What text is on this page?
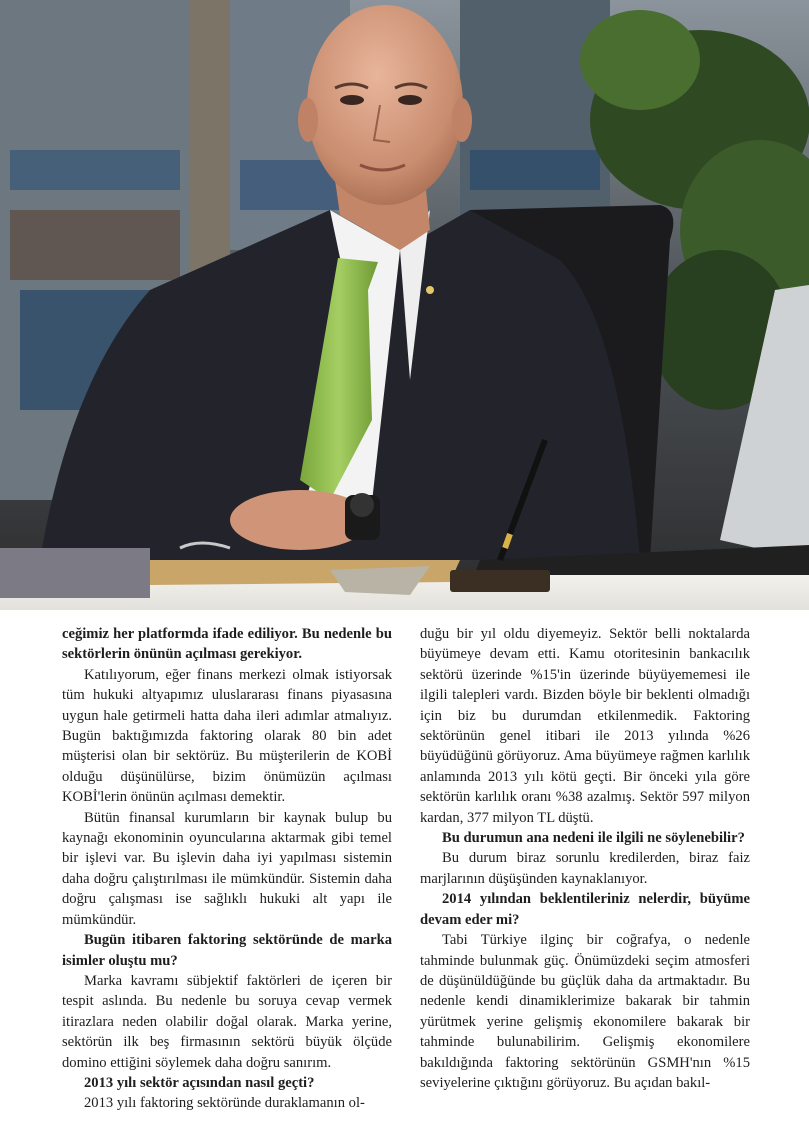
ceğimiz her platformda ifade ediliyor. Bu nedenle bu sektörlerin önünün açılması gerekiyor.

Katılıyorum, eğer finans merkezi olmak istiyorsak tüm hukuki altyapımız uluslararası finans piyasasına uygun hale getirmeli hatta daha ileri adımlar atmalıyız. Bugün baktığımızda faktoring olarak 80 bin adet müşterisi olan bir sektörüz. Bu müşterilerin de KOBİ olduğu düşünülürse, bizim önümüzün açılması KOBİ'lerin önünün açılması demektir.

Bütün finansal kurumların bir kaynak bulup bu kaynağı ekonominin oyuncularına aktarmak gibi temel bir işlevi var. Bu işlevin daha iyi yapılması sistemin daha doğru çalıştırılması ile mümkündür. Sistemin daha doğru çalışması ise sağlıklı hukuki alt yapı ile mümkündür.

Bugün itibaren faktoring sektöründe de marka isimler oluştu mu?

Marka kavramı sübjektif faktörleri de içeren bir tespit aslında. Bu nedenle bu soruya cevap vermek itirazlara neden olabilir doğal olarak. Marka yerine, sektörün ilk beş firmasının sektörü büyük ölçüde domino ettiğini söylemek daha doğru sanırım.

2013 yılı sektör açısından nasıl geçti?

2013 yılı faktoring sektöründe duraklamanın ol-

duğu bir yıl oldu diyemeyiz. Sektör belli noktalarda büyümeye devam etti. Kamu otoritesinin bankacılık sektörü üzerinde %15'in üzerinde büyüyememesi ile ilgili talepleri vardı. Bizden böyle bir beklenti olmadığı için biz bu durumdan etkilenmedik. Faktoring sektörünün genel itibari ile 2013 yılında %26 büyüdüğünü görüyoruz. Ama büyümeye rağmen karlılık anlamında 2013 yılı kötü geçti. Bir önceki yıla göre sektörün karlılık oranı %38 azalmış. Sektör 597 milyon kardan, 377 milyon TL düştü.

Bu durumun ana nedeni ile ilgili ne söylenebilir?

Bu durum biraz sorunlu kredilerden, biraz faiz marjlarının düşüşünden kaynaklanıyor.

2014 yılından beklentileriniz nelerdir, büyüme devam eder mi?

Tabi Türkiye ilginç bir coğrafya, o nedenle tahminde bulunmak güç. Önümüzdeki seçim atmosferi de düşünüldüğünde bu güçlük daha da artmaktadır. Bu nedenle kendi dinamiklerimize bakarak bir tahmin yürütmek yerine gelişmiş ekonomilere bakarak bir tahminde bulunabilirim. Gelişmiş ekonomilere bakıldığında faktoring sektörünün GSMH'nın %15 seviyelerine çıktığını görüyoruz. Bu açıdan bakıl-
